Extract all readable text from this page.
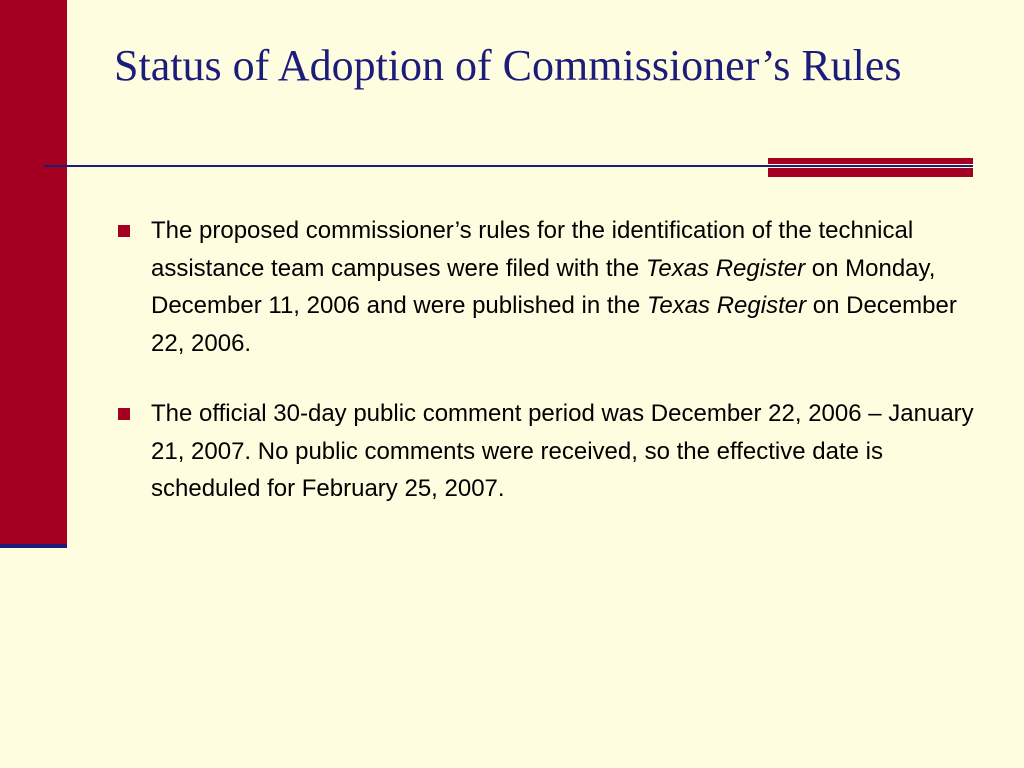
Status of Adoption of Commissioner’s Rules
The proposed commissioner’s rules for the identification of the technical assistance team campuses were filed with the Texas Register on Monday, December 11, 2006 and were published in the Texas Register on December 22, 2006.
The official 30-day public comment period was December 22, 2006 – January 21, 2007. No public comments were received, so the effective date is scheduled for February 25, 2007.
